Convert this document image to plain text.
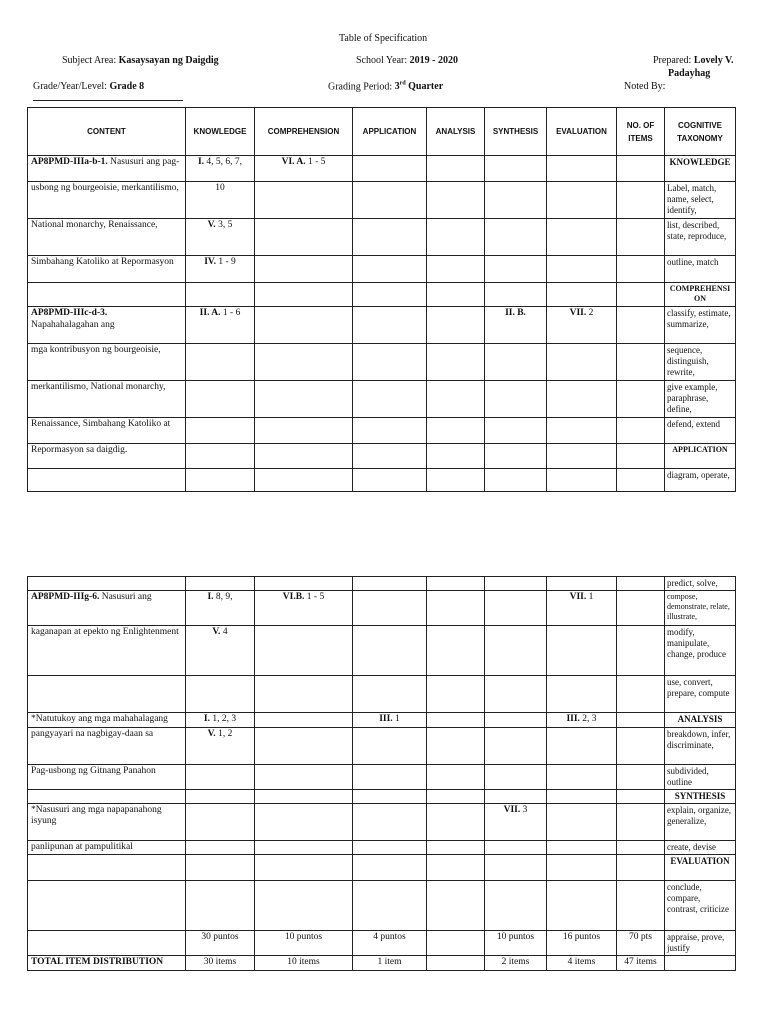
Table of Specification
Subject Area: Kasaysayan ng Daigdig	School Year: 2019 - 2020	Prepared: Lovely V.
Padayhag
Grade/Year/Level: Grade 8	Grading Period: 3rd Quarter	Noted By:
CONTENT	KNOWLEDGE	COMPREHENSION	APPLICATION	ANALYSIS	SYNTHESIS	EVALUATION	NO. OF ITEMS	COGNITIVE TAXONOMY
AP8PMD-IIIa-b-1. Nasusuri ang pag-	I. 4, 5, 6, 7,	VI. A. 1 - 5						KNOWLEDGE
usbong ng bourgeoisie, merkantilismo,	10							Label, match, name, select, identify,
National monarchy, Renaissance,	V. 3, 5							list, described, state, reproduce,
Simbahang Katoliko at Repormasyon	IV. 1 - 9							outline, match
								COMPREHENSION
AP8PMD-IIIc-d-3.
Napahahalagahan ang	II. A. 1 - 6				II. B.	VII. 2		classify, estimate, summarize,
mga kontribusyon ng bourgeoisie,								sequence, distinguish, rewrite,
merkantilismo, National monarchy,								give example, paraphrase, define,
Renaissance, Simbahang Katoliko at								defend, extend
Repormasyon sa daigdig.								APPLICATION
								diagram, operate,
								predict, solve,
AP8PMD-IIIg-6. Nasusuri ang	I. 8, 9,	VI.B. 1 - 5				VII. 1		compose, demonstrate, relate, illustrate,
kaganapan at epekto ng Enlightenment	V. 4							modify, manipulate, change, produce
								use, convert, prepare, compute
*Natutukoy ang mga mahahalagang	I. 1, 2, 3		III. 1			III. 2, 3		ANALYSIS
pangyayari na nagbigay-daan sa	V. 1, 2							breakdown, infer, discriminate,
Pag-usbong ng Gitnang Panahon								subdivided, outline
								SYNTHESIS
*Nasusuri ang mga napapanahong isyung					VII. 3			explain, organize, generalize,
panlipunan at pampulitikal								create, devise
								EVALUATION
								conclude, compare, contrast, criticize
	30 puntos	10 puntos	4 puntos		10 puntos	16 puntos	70 pts	appraise, prove, justify
TOTAL ITEM DISTRIBUTION	30 items	10 items	1 item		2 items	4 items	47 items	
